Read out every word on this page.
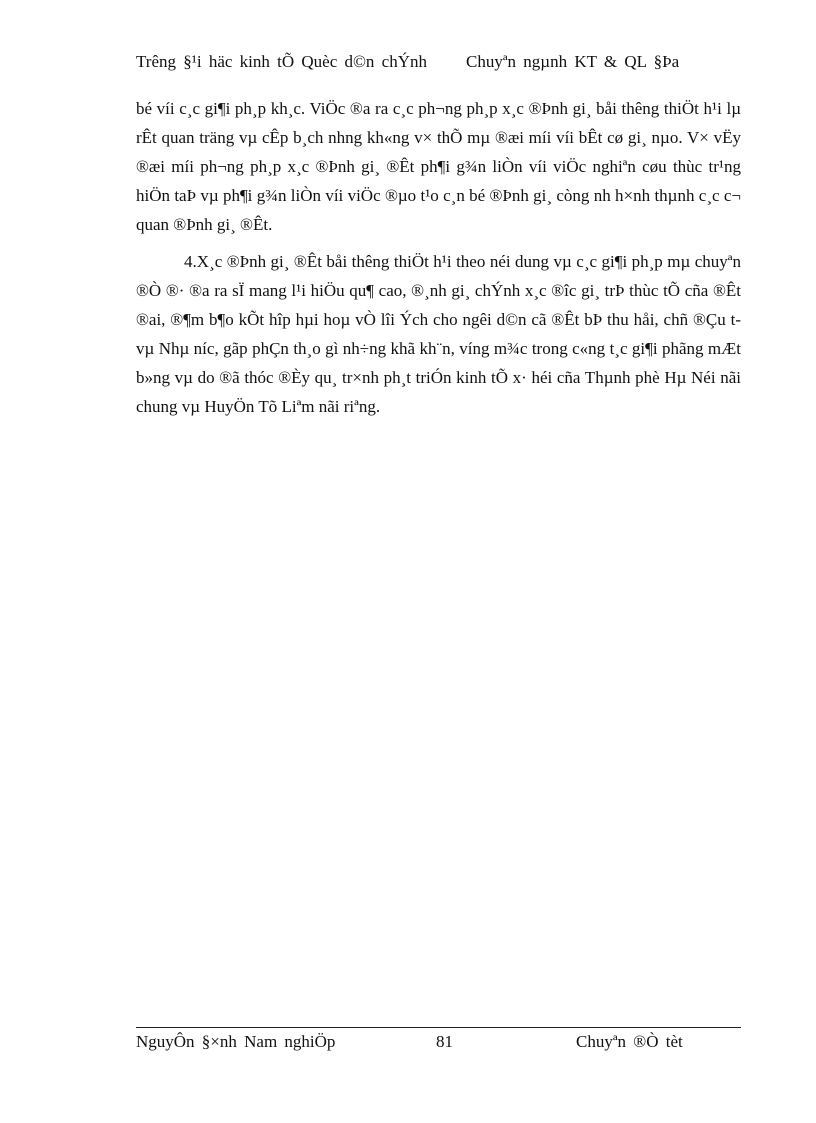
Trêng §¹i häc kinh tÕ Quèc d©n chÝnh	Chuyªn ngµnh KT & QL §Þa

bé víi c¸c gi¶i ph¸p kh¸c. ViÖc ®a ra c¸c ph¬ng ph¸p x¸c ®Þnh gi¸ båi thêng thiÖt h¹i lµ rÊt quan träng vµ cÊp b¸ch nhng kh«ng v× thÕ mµ ®æi míi víi bÊt cø gi¸ nµo. V× vËy ®æi míi ph¬ng ph¸p x¸c ®Þnh gi¸ ®Êt ph¶i g¾n liÒn víi viÖc nghiªn cøu thùc tr¹ng hiÖn taÞ vµ ph¶i g¾n liÒn víi viÖc ®µo t¹o c¸n bé ®Þnh gi¸ còng nh h×nh thµnh c¸c c¬ quan ®Þnh gi¸ ®Êt.

4.X¸c ®Þnh gi¸ ®Êt båi thêng thiÖt h¹i theo néi dung vµ c¸c gi¶i ph¸p mµ chuyªn ®Ò ®· ®a ra sÏ mang l¹i hiÖu qu¶ cao, ®¸nh gi¸ chÝnh x¸c ®îc gi¸ trÞ thùc tÕ cña ®Êt ®ai, ®¶m b¶o kÕt hîp hµi hoµ vÒ lîi Ých cho ngêi d©n cã ®Êt bÞ thu håi, chñ ®Çu t vµ Nhµ níc, gãp phÇn th¸o gì nh÷ng khã kh¨n, víng m¾c trong c«ng t¸c gi¶i phãng mÆt b»ng vµ do ®ã thóc ®Èy qu¸ tr×nh ph¸t triÓn kinh tÕ x· héi cña Thµnh phè Hµ Néi nãi chung vµ HuyÖn Tõ Liªm nãi riªng.

NguyÔn §×nh Nam nghiÖp	81	Chuyªn ®Ò tèt
